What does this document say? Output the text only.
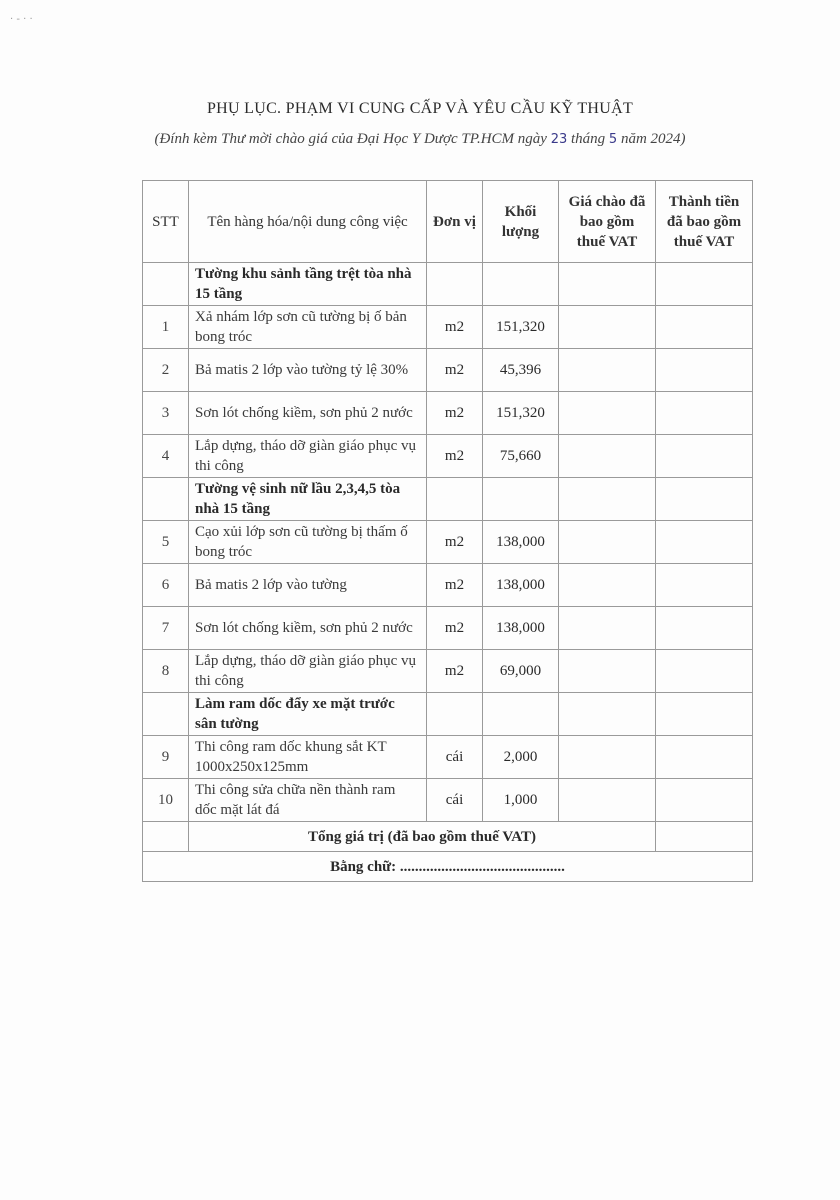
· - · ·
PHỤ LỤC. PHẠM VI CUNG CẤP VÀ YÊU CẦU KỸ THUẬT
(Đính kèm Thư mời chào giá của Đại Học Y Dược TP.HCM ngày 23 tháng 5 năm 2024)
STT	Tên hàng hóa/nội dung công việc	Đơn vị	Khối lượng	Giá chào đã bao gồm thuế VAT	Thành tiền đã bao gồm thuế VAT
	Tường khu sảnh tầng trệt tòa nhà 15 tầng				
1	Xả nhám lớp sơn cũ tường bị ố bản bong tróc	m2	151,320		
2	Bả matis 2 lớp vào tường tỷ lệ 30%	m2	45,396		
3	Sơn lót chống kiềm, sơn phủ 2 nước	m2	151,320		
4	Lắp dựng, tháo dỡ giàn giáo phục vụ thi công	m2	75,660		
	Tường vệ sinh nữ lầu 2,3,4,5 tòa nhà 15 tầng				
5	Cạo xủi lớp sơn cũ tường bị thấm ố bong tróc	m2	138,000		
6	Bả matis 2 lớp vào tường	m2	138,000		
7	Sơn lót chống kiềm, sơn phủ 2 nước	m2	138,000		
8	Lắp dựng, tháo dỡ giàn giáo phục vụ thi công	m2	69,000		
	Làm ram dốc đẩy xe mặt trước sân tường				
9	Thi công ram dốc khung sắt KT 1000x250x125mm	cái	2,000		
10	Thi công sửa chữa nền thành ram dốc mặt lát đá	cái	1,000		
	Tổng giá trị (đã bao gồm thuế VAT)				
Bằng chữ: ............................................					
